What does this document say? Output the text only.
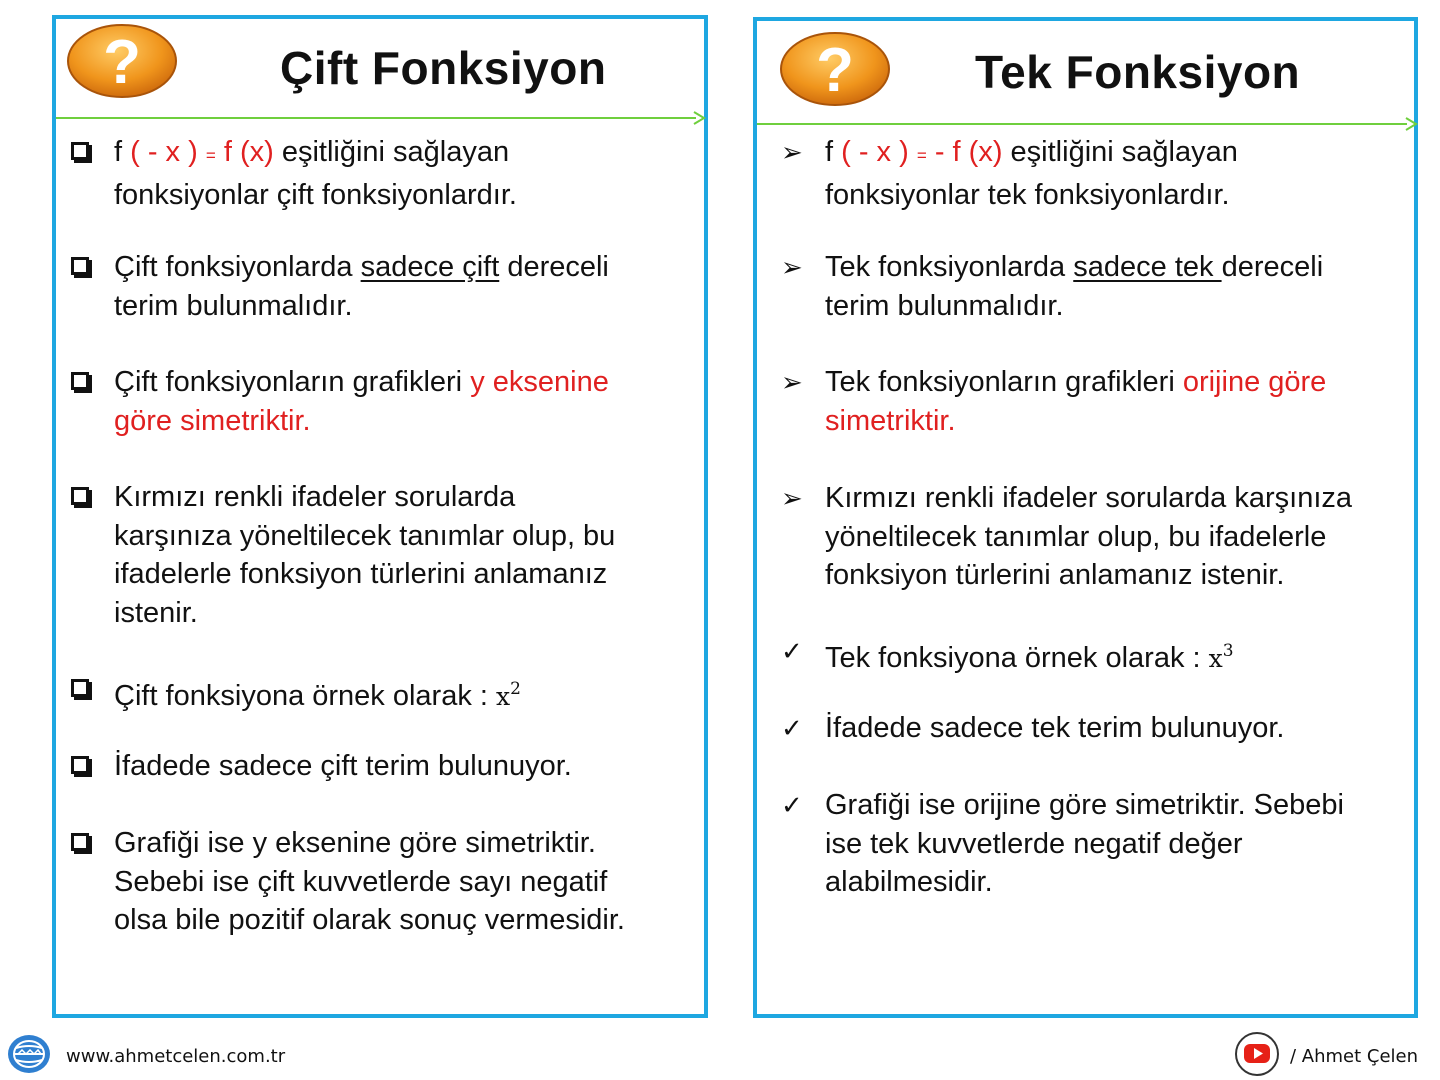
?	Çift Fonksiyon
f ( - x ) = f (x) eşitliğini sağlayan
fonksiyonlar çift fonksiyonlardır.
Çift fonksiyonlarda sadece çift dereceli
terim bulunmalıdır.
Çift fonksiyonların grafikleri y eksenine
göre simetriktir.
Kırmızı renkli ifadeler sorularda
karşınıza yöneltilecek tanımlar olup, bu
ifadelerle fonksiyon türlerini anlamanız
istenir.
Çift fonksiyona örnek olarak : $x^2$
İfadede sadece çift terim bulunuyor.
Grafiği ise y eksenine göre simetriktir.
Sebebi ise çift kuvvetlerde sayı negatif
olsa bile pozitif olarak sonuç vermesidir.
?	Tek Fonksiyon
➢ f ( - x ) = - f (x) eşitliğini sağlayan
fonksiyonlar tek fonksiyonlardır.
➢ Tek fonksiyonlarda sadece tek dereceli
terim bulunmalıdır.
➢ Tek fonksiyonların grafikleri orijine göre
simetriktir.
➢ Kırmızı renkli ifadeler sorularda karşınıza
yöneltilecek tanımlar olup, bu ifadelerle
fonksiyon türlerini anlamanız istenir.
✓ Tek fonksiyona örnek olarak : $x^3$
✓ İfadede sadece tek terim bulunuyor.
✓ Grafiği ise orijine göre simetriktir. Sebebi
ise tek kuvvetlerde negatif değer
alabilmesidir.
www.ahmetcelen.com.tr	/ Ahmet Çelen
